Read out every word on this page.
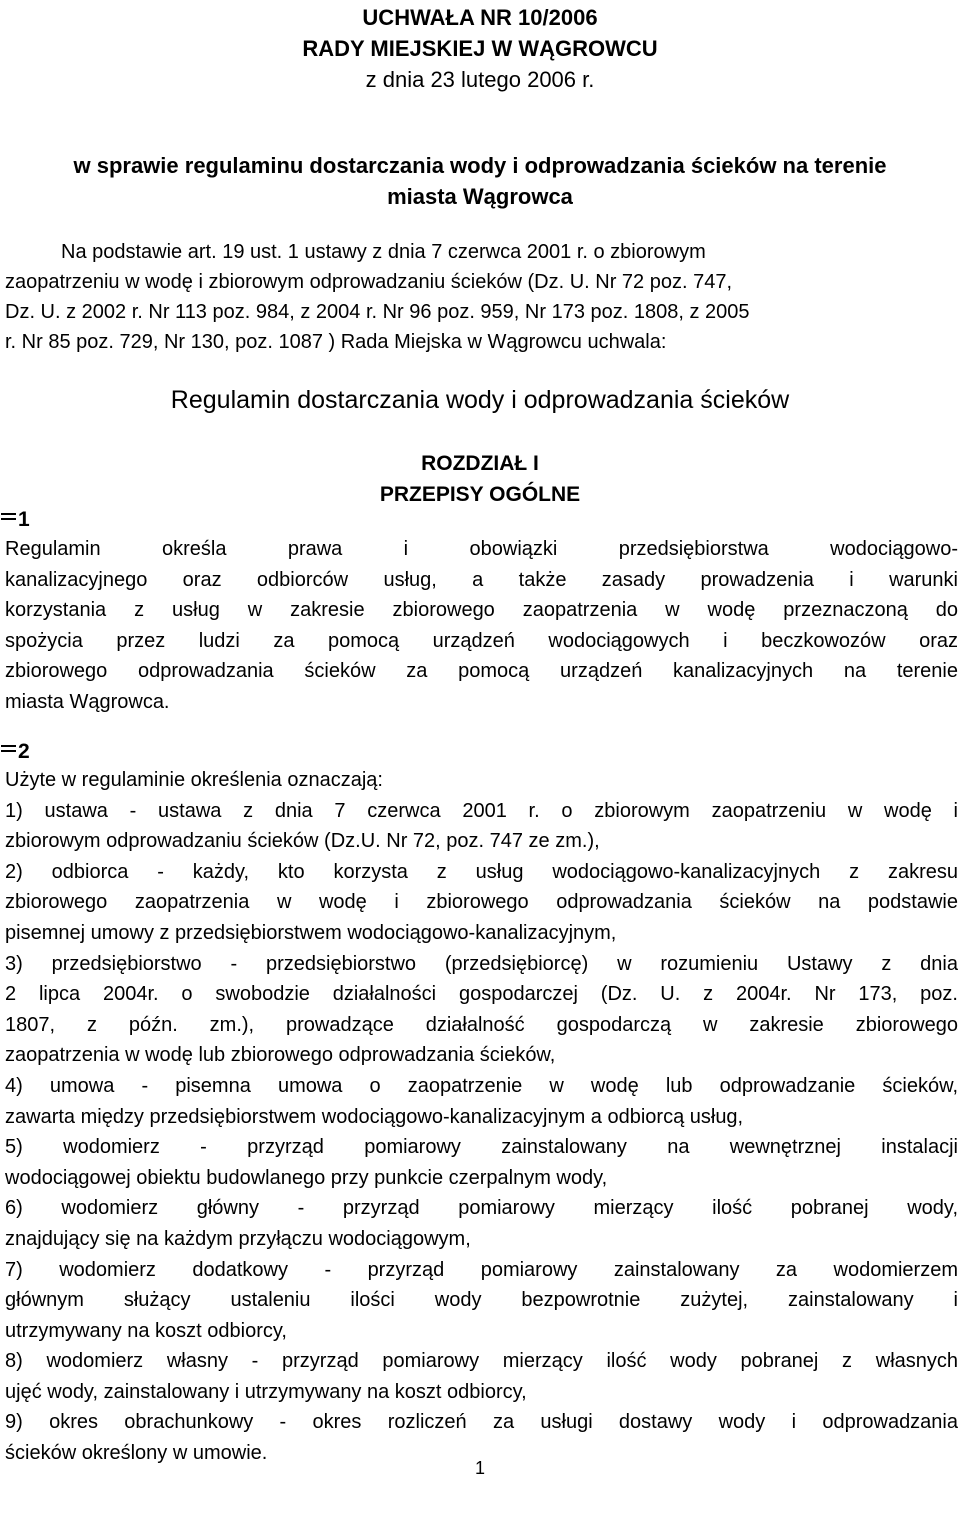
UCHWAŁA NR 10/2006
RADY MIEJSKIEJ W WĄGROWCU
z dnia 23 lutego 2006 r.
w sprawie regulaminu dostarczania wody i odprowadzania ścieków na terenie
miasta Wągrowca
Na podstawie art. 19 ust. 1 ustawy z dnia 7 czerwca 2001 r. o zbiorowym
zaopatrzeniu w wodę i zbiorowym odprowadzaniu ścieków (Dz. U. Nr 72 poz. 747,
Dz. U. z 2002 r. Nr 113 poz. 984, z 2004 r. Nr 96 poz. 959, Nr 173 poz. 1808, z 2005
r. Nr 85 poz. 729, Nr 130, poz. 1087 ) Rada Miejska w Wągrowcu uchwala:
Regulamin dostarczania wody i odprowadzania ścieków
ROZDZIAŁ I
PRZEPISY OGÓLNE
1
Regulamin określa prawa i obowiązki przedsiębiorstwa wodociągowo-
kanalizacyjnego oraz odbiorców usług, a także zasady prowadzenia i warunki
korzystania z usług w zakresie zbiorowego zaopatrzenia w wodę przeznaczoną do
spożycia przez ludzi za pomocą urządzeń wodociągowych i beczkowozów oraz
zbiorowego odprowadzania ścieków za pomocą urządzeń kanalizacyjnych na terenie
miasta Wągrowca.
2
Użyte w regulaminie określenia oznaczają:
1) ustawa - ustawa z dnia 7 czerwca 2001 r. o zbiorowym zaopatrzeniu w wodę i
zbiorowym odprowadzaniu ścieków (Dz.U. Nr 72, poz. 747 ze zm.),
2) odbiorca - każdy, kto korzysta z usług wodociągowo-kanalizacyjnych z zakresu
zbiorowego zaopatrzenia w wodę i zbiorowego odprowadzania ścieków na podstawie
pisemnej umowy z przedsiębiorstwem wodociągowo-kanalizacyjnym,
3) przedsiębiorstwo - przedsiębiorstwo (przedsiębiorcę) w rozumieniu Ustawy z dnia
2 lipca 2004r. o swobodzie działalności gospodarczej (Dz. U. z 2004r. Nr 173, poz.
1807, z późn. zm.), prowadzące działalność gospodarczą w zakresie zbiorowego
zaopatrzenia w wodę lub zbiorowego odprowadzania ścieków,
4) umowa - pisemna umowa o zaopatrzenie w wodę lub odprowadzanie ścieków,
zawarta między przedsiębiorstwem wodociągowo-kanalizacyjnym a odbiorcą usług,
5) wodomierz - przyrząd pomiarowy zainstalowany na wewnętrznej instalacji
wodociągowej obiektu budowlanego przy punkcie czerpalnym wody,
6) wodomierz główny - przyrząd pomiarowy mierzący ilość pobranej wody,
znajdujący się na każdym przyłączu wodociągowym,
7) wodomierz dodatkowy - przyrząd pomiarowy zainstalowany za wodomierzem
głównym służący ustaleniu ilości wody bezpowrotnie zużytej, zainstalowany i
utrzymywany na koszt odbiorcy,
8) wodomierz własny - przyrząd pomiarowy mierzący ilość wody pobranej z własnych
ujęć wody, zainstalowany i utrzymywany na koszt odbiorcy,
9) okres obrachunkowy - okres rozliczeń za usługi dostawy wody i odprowadzania
ścieków określony w umowie.
1
